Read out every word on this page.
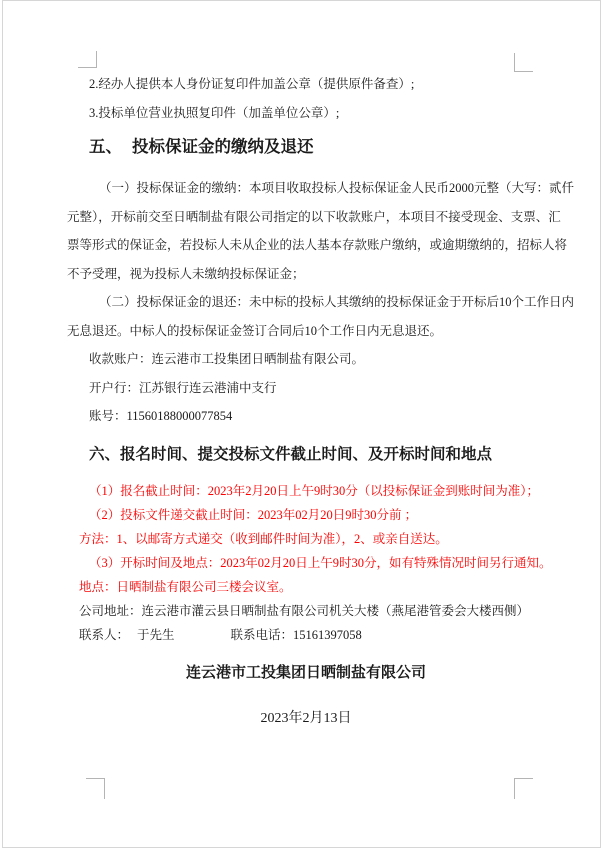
2.经办人提供本人身份证复印件加盖公章（提供原件备查）;
3.投标单位营业执照复印件（加盖单位公章）;
五、 投标保证金的缴纳及退还
（一）投标保证金的缴纳：本项目收取投标人投标保证金人民币2000元整（大写：贰仟
元整），开标前交至日晒制盐有限公司指定的以下收款账户，本项目不接受现金、支票、汇
票等形式的保证金，若投标人未从企业的法人基本存款账户缴纳，或逾期缴纳的，招标人将
不予受理，视为投标人未缴纳投标保证金；
（二）投标保证金的退还：未中标的投标人其缴纳的投标保证金于开标后10个工作日内
无息退还。中标人的投标保证金签订合同后10个工作日内无息退还。
收款账户：连云港市工投集团日晒制盐有限公司。
开户行：江苏银行连云港浦中支行
账号：11560188000077854
六、报名时间、提交投标文件截止时间、及开标时间和地点
（1）报名截止时间：2023年2月20日上午9时30分（以投标保证金到账时间为准）；
（2）投标文件递交截止时间：2023年02月20日9时30分前 ；
方法：1、以邮寄方式递交（收到邮件时间为准），2、或亲自送达。
（3）开标时间及地点：2023年02月20日上午9时30分，如有特殊情况时间另行通知。
地点：日晒制盐有限公司三楼会议室。
公司地址：连云港市灌云县日晒制盐有限公司机关大楼（燕尾港管委会大楼西侧）
联系人： 于先生	联系电话：15161397058
连云港市工投集团日晒制盐有限公司
2023年2月13日
